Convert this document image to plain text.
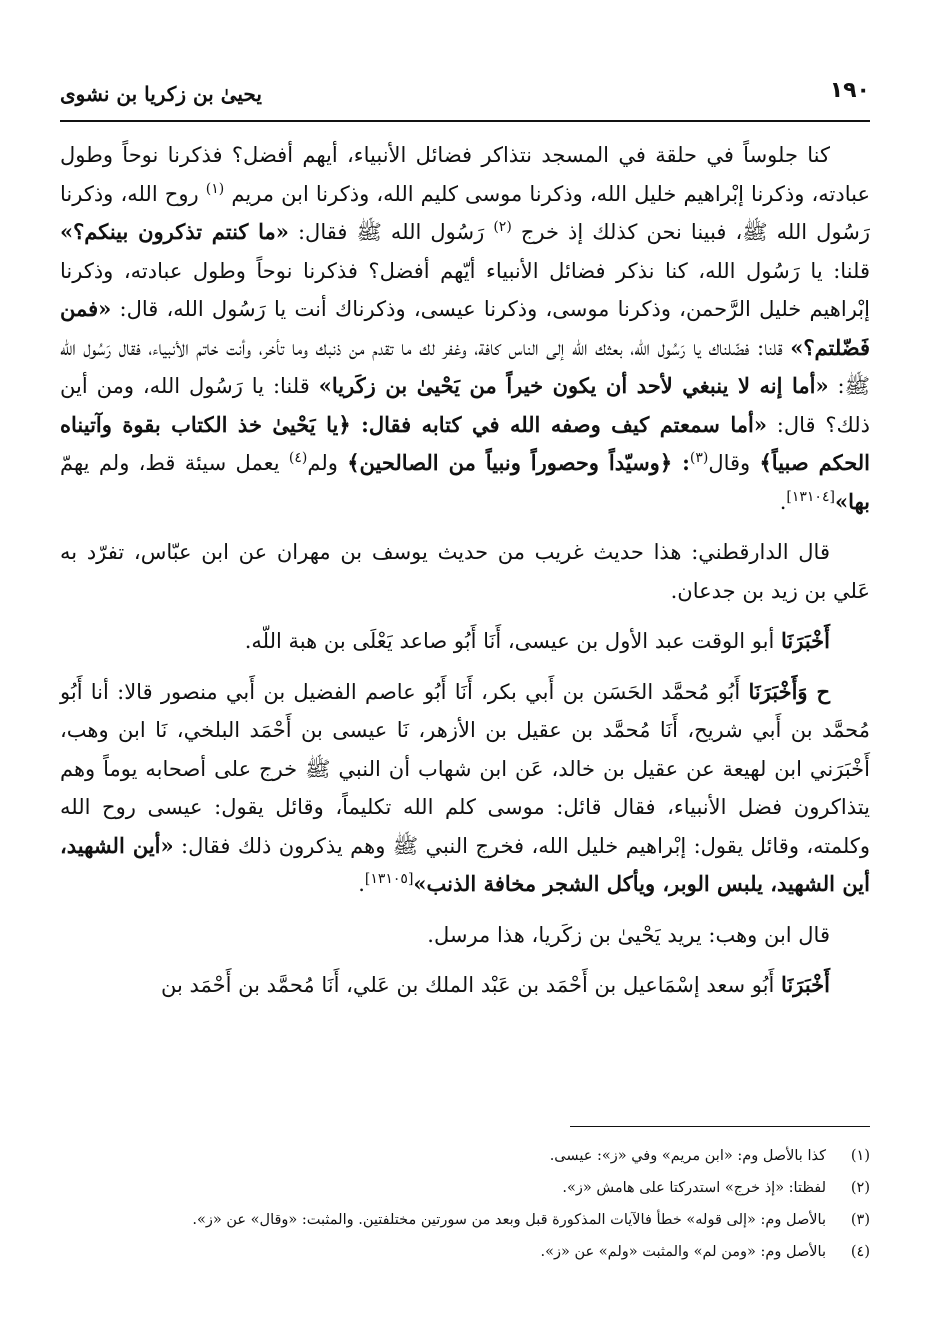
١٩٠
يحيىٰ بن زكريا بن نشوى

كنا جلوساً في حلقة في المسجد نتذاكر فضائل الأنبياء، أيهم أفضل؟ فذكرنا نوحاً وطول عبادته، وذكرنا إبْراهيم خليل الله، وذكرنا موسى كليم الله، وذكرنا ابن مريم $^{(١)}$ روح الله، وذكرنا رَسُول الله ﷺ، فبينا نحن كذلك إذ خرج $^{(٢)}$ رَسُول الله ﷺ فقال: «ما كنتم تذكرون بينكم؟» قلنا: يا رَسُول الله، كنا نذكر فضائل الأنبياء أيّهم أفضل؟ فذكرنا نوحاً وطول عبادته، وذكرنا إبْراهيم خليل الرَّحمن، وذكرنا موسى، وذكرنا عيسى، وذكرناك أنت يا رَسُول الله، قال: «فمن فَضّلتم؟» قلنا: فضّلناك يا رَسُول الله، بعثك الله إلى الناس كافة، وغفر لك ما تقدم من ذنبك وما تأخر، وأنت خاتم الأنبياء، فقال رَسُول الله ﷺ: «أما إنه لا ينبغي لأحد أن يكون خيراً من يَحْيىٰ بن زكَريا» قلنا: يا رَسُول الله، ومن أين ذلك؟ قال: «أما سمعتم كيف وصفه الله في كتابه فقال: ﴿يا يَحْيىٰ خذ الكتاب بقوة وآتيناه الحكم صبياً﴾ وقال$^{(٣)}$: ﴿وسيّداً وحصوراً ونبياً من الصالحين﴾ ولم$^{(٤)}$ يعمل سيئة قط، ولم يهمّ بها»[١٣١٠٤].

قال الدارقطني: هذا حديث غريب من حديث يوسف بن مهران عن ابن عبّاس، تفرّد به عَلي بن زيد بن جدعان.

أَخْبَرَنَا أبو الوقت عبد الأول بن عيسى، أَنَا أَبُو صاعد يَعْلَى بن هبة اللّه.

ح وَأَخْبَرَنَا أَبُو مُحمَّد الحَسَن بن أَبي بكر، أَنَا أَبُو عاصم الفضيل بن أَبي منصور قالا: أنا أَبُو مُحمَّد بن أَبي شريح، أَنَا مُحمَّد بن عقيل بن الأزهر، نَا عيسى بن أَحْمَد البلخي، نَا ابن وهب، أَخْبَرَني ابن لهيعة عن عقيل بن خالد، عَن ابن شهاب أن النبي ﷺ خرج على أصحابه يوماً وهم يتذاكرون فضل الأنبياء، فقال قائل: موسى كلم الله تكليماً، وقائل يقول: عيسى روح الله وكلمته، وقائل يقول: إبْراهيم خليل الله، فخرج النبي ﷺ وهم يذكرون ذلك فقال: «أين الشهيد، أين الشهيد، يلبس الوبر، ويأكل الشجر مخافة الذنب»[١٣١٠٥].

قال ابن وهب: يريد يَحْيىٰ بن زكَريا، هذا مرسل.

أَخْبَرَنَا أَبُو سعد إسْمَاعيل بن أَحْمَد بن عَبْد الملك بن عَلي، أَنَا مُحمَّد بن أَحْمَد بن

(١)كذا بالأصل وم: «ابن مريم» وفي «ز»: عيسى.
(٢)لفظتا: «إذ خرج» استدركتا على هامش «ز».
(٣)بالأصل وم: «إلى قوله» خطأ فالآيات المذكورة قبل وبعد من سورتين مختلفتين. والمثبت: «وقال» عن «ز».
(٤)بالأصل وم: «ومن لم» والمثبت «ولم» عن «ز».
